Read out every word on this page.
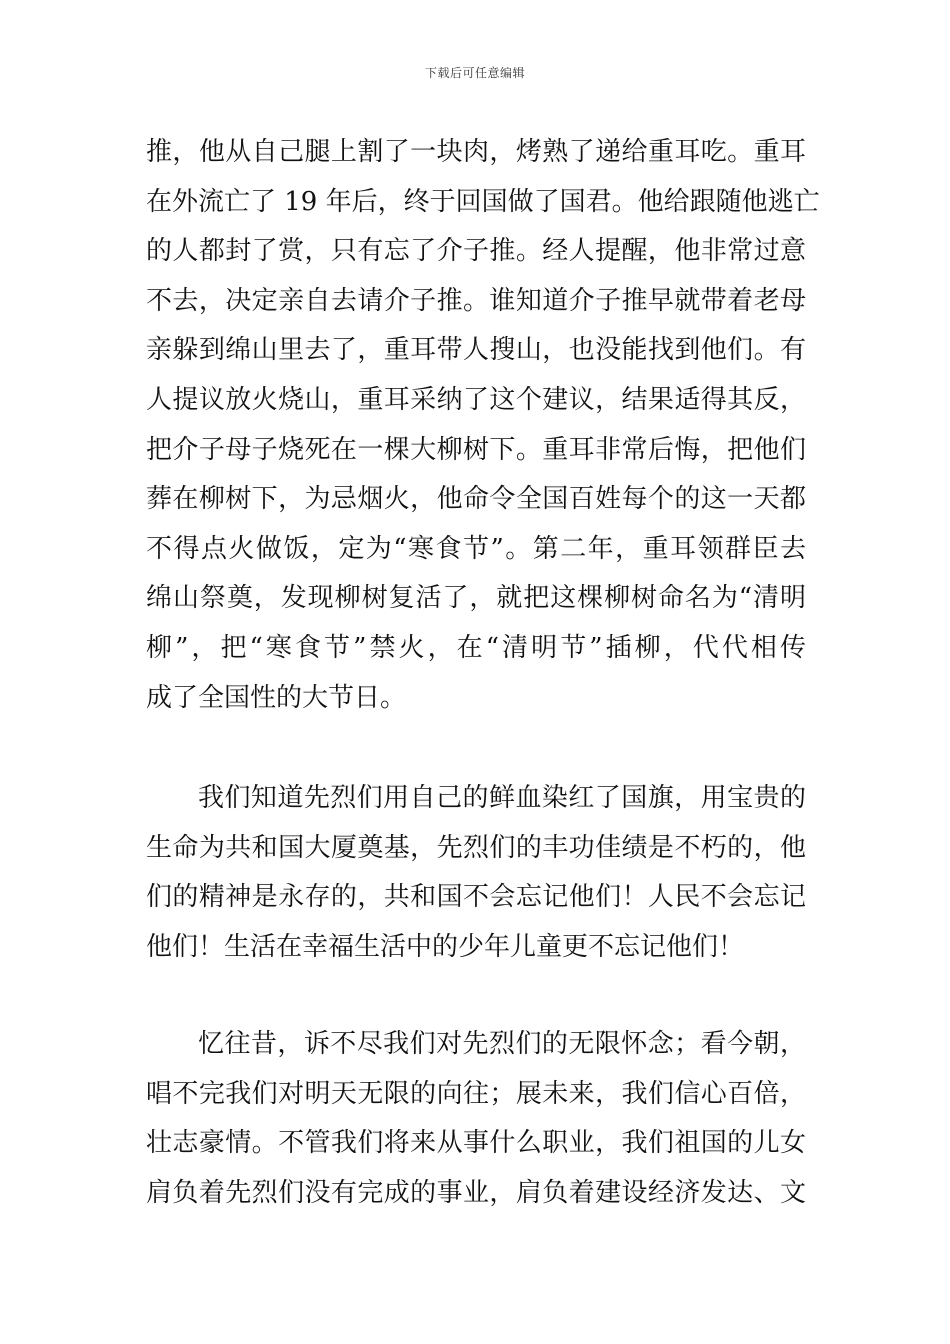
下载后可任意编辑
推，他从自己腿上割了一块肉，烤熟了递给重耳吃。重耳
在外流亡了 19 年后，终于回国做了国君。他给跟随他逃亡
的人都封了赏，只有忘了介子推。经人提醒，他非常过意
不去，决定亲自去请介子推。谁知道介子推早就带着老母
亲躲到绵山里去了，重耳带人搜山，也没能找到他们。有
人提议放火烧山，重耳采纳了这个建议，结果适得其反，
把介子母子烧死在一棵大柳树下。重耳非常后悔，把他们
葬在柳树下，为忌烟火，他命令全国百姓每个的这一天都
不得点火做饭，定为“寒食节”。第二年，重耳领群臣去
绵山祭奠，发现柳树复活了，就把这棵柳树命名为“清明
柳”，把“寒食节”禁火，在“清明节”插柳，代代相传
成了全国性的大节日。
我们知道先烈们用自己的鲜血染红了国旗，用宝贵的
生命为共和国大厦奠基，先烈们的丰功佳绩是不朽的，他
们的精神是永存的，共和国不会忘记他们！人民不会忘记
他们！生活在幸福生活中的少年儿童更不忘记他们！
忆往昔，诉不尽我们对先烈们的无限怀念；看今朝，
唱不完我们对明天无限的向往；展未来，我们信心百倍，
壮志豪情。不管我们将来从事什么职业，我们祖国的儿女
肩负着先烈们没有完成的事业，肩负着建设经济发达、文
